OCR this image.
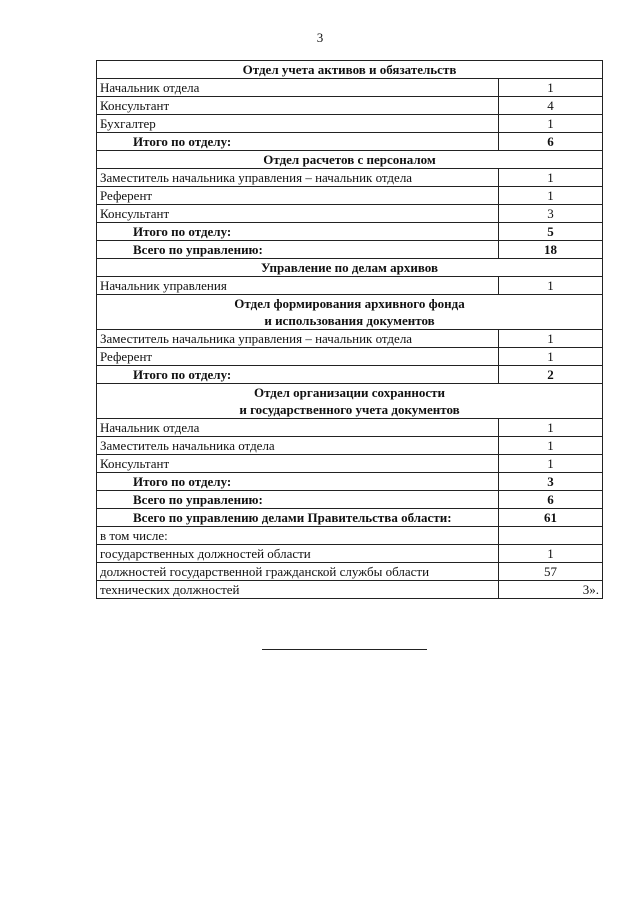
3
Отдел учета активов и обязательств	
Начальник отдела	1
Консультант	4
Бухгалтер	1
Итого по отделу:	6
Отдел расчетов с персоналом	
Заместитель начальника управления – начальник отдела	1
Референт	1
Консультант	3
Итого по отделу:	5
Всего по управлению:	18
Управление по делам архивов	
Начальник управления	1

Отдел формирования архивного фонда
и использования документов	

Заместитель начальника управления – начальник отдела	1
Референт	1
Итого по отделу:	2

Отдел организации сохранности
и государственного учета документов	

Начальник отдела	1
Заместитель начальника отдела	1
Консультант	1
Итого по отделу:	3
Всего по управлению:	6
Всего по управлению делами Правительства области:	61
в том числе:	
государственных должностей области	1
должностей государственной гражданской службы области	57
технических должностей	3».
